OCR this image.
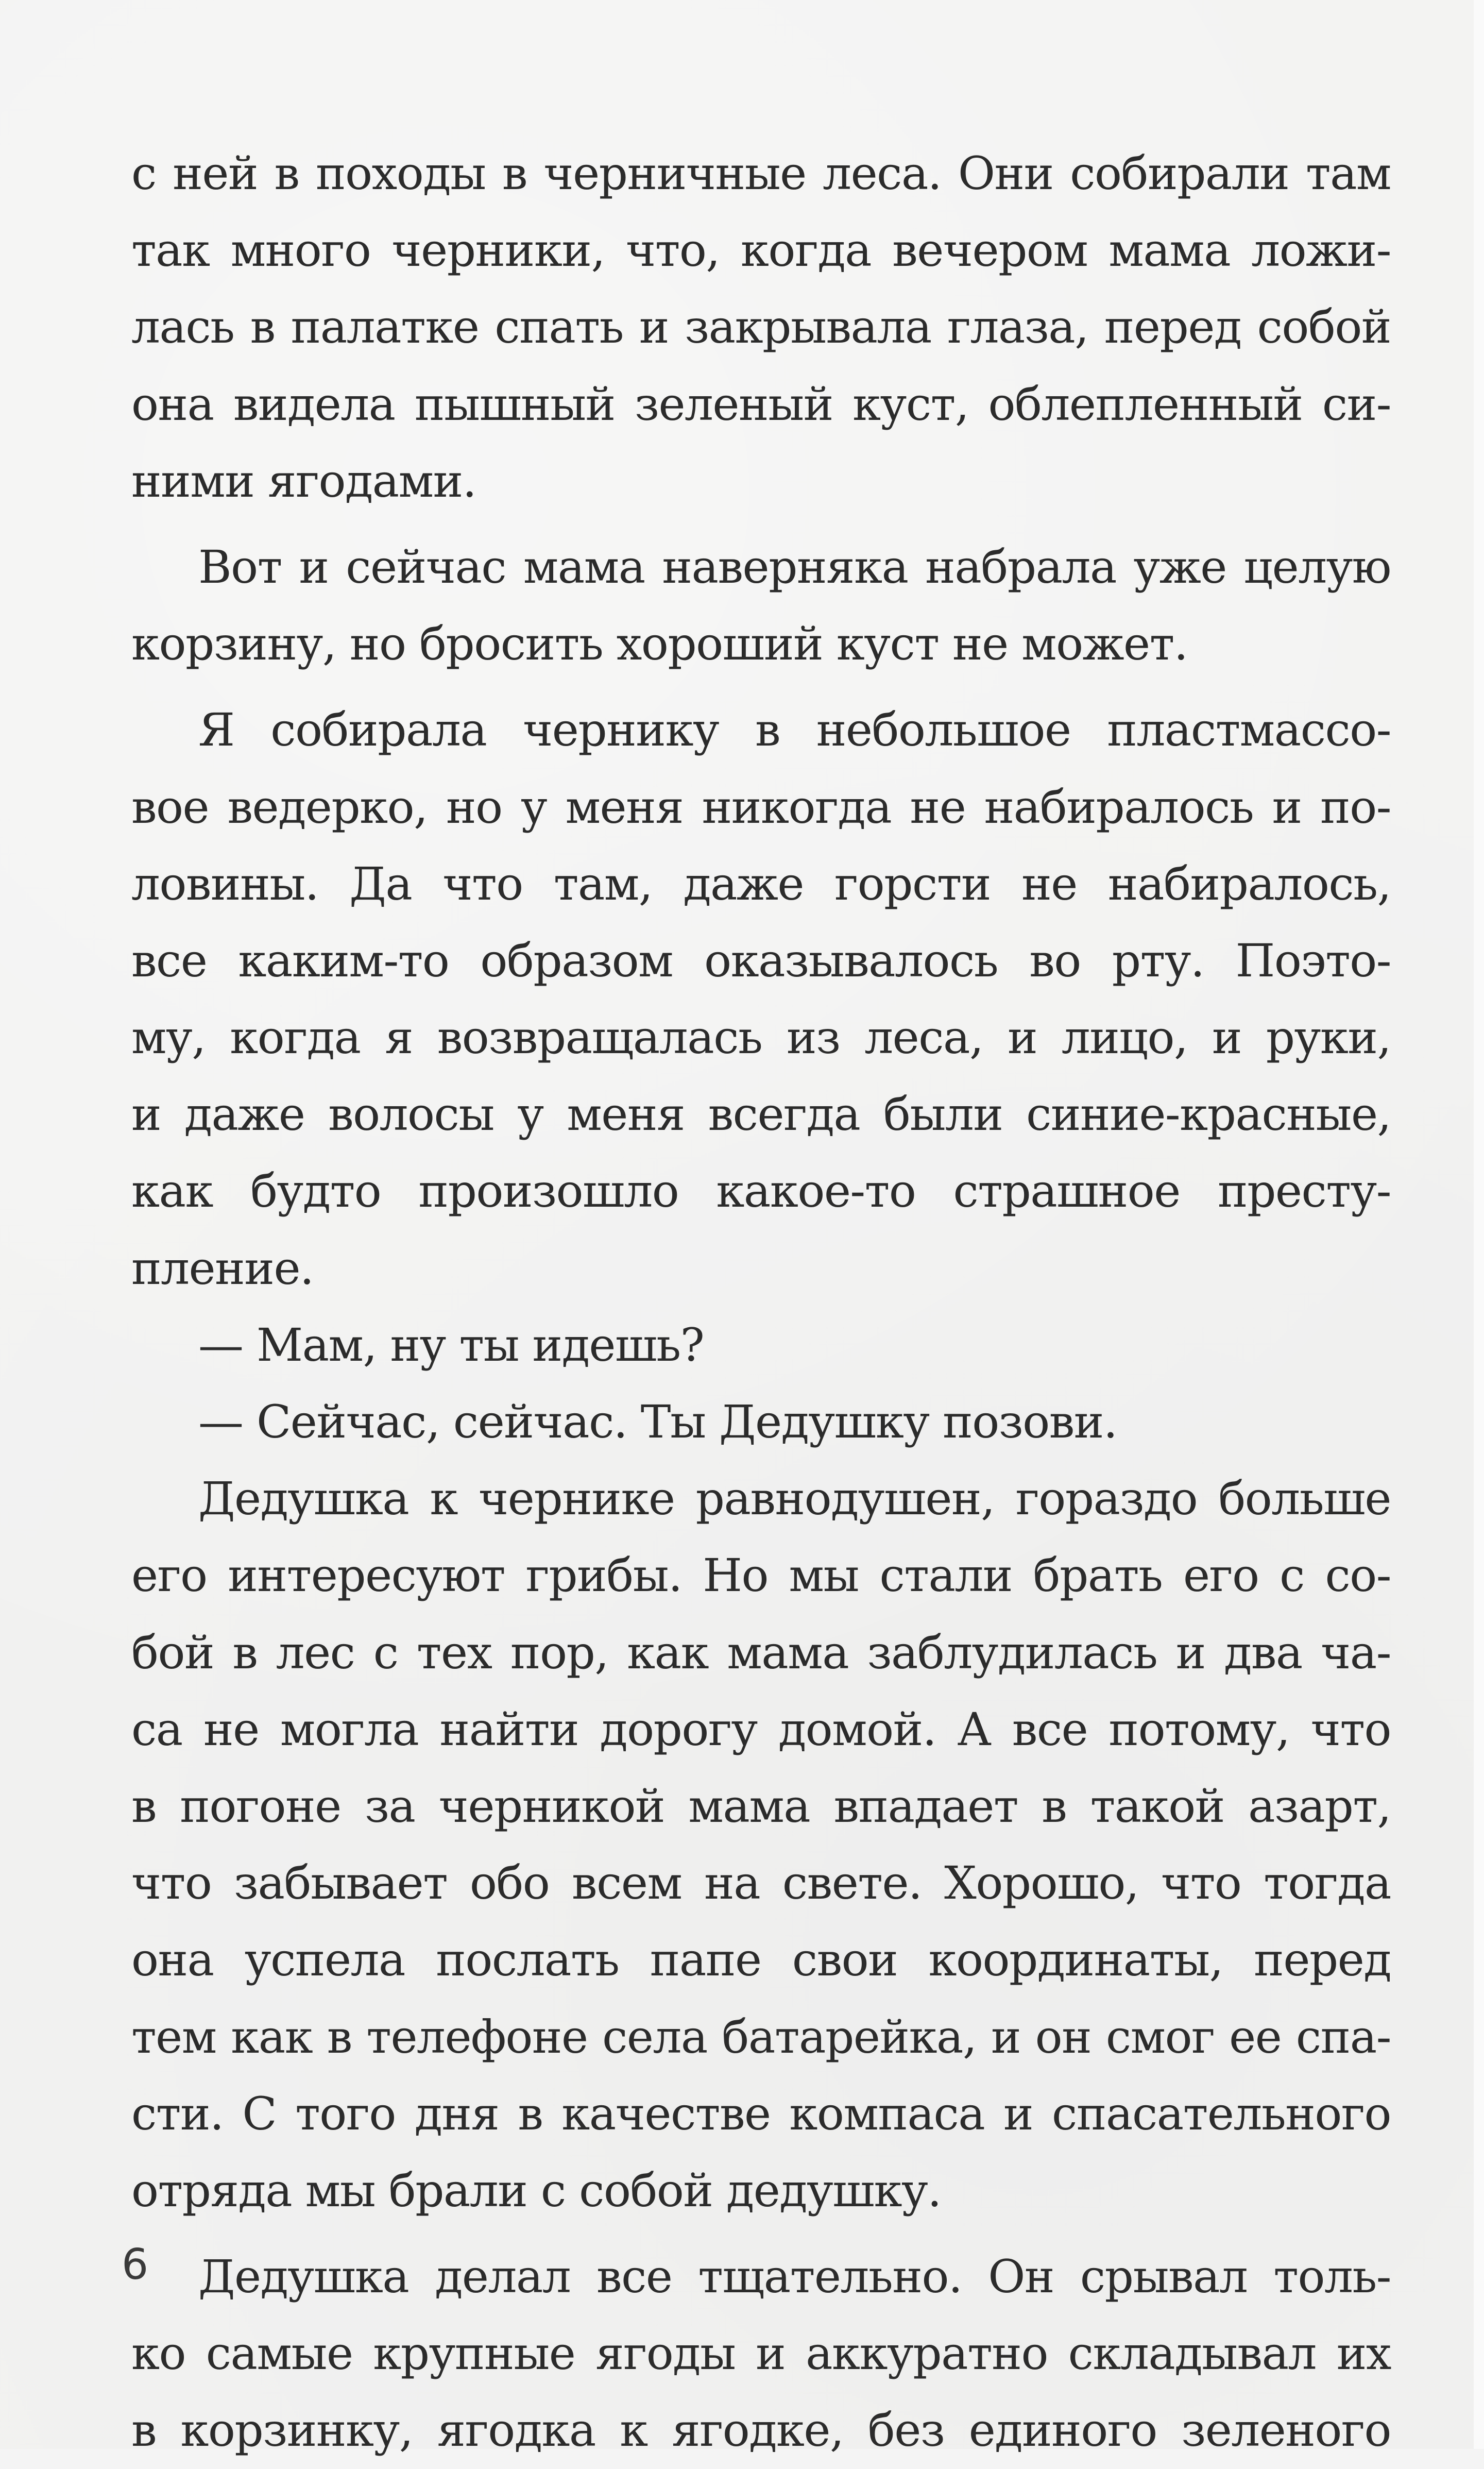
с ней в походы в черничные леса. Они собирали там
так много черники, что, когда вечером мама ложи-
лась в палатке спать и закрывала глаза, перед собой
она видела пышный зеленый куст, облепленный си-
ними ягодами.
Вот и сейчас мама наверняка набрала уже целую
корзину, но бросить хороший куст не может.
Я собирала чернику в небольшое пластмассо-
вое ведерко, но у меня никогда не набиралось и по-
ловины. Да что там, даже горсти не набиралось,
все каким-то образом оказывалось во рту. Поэто-
му, когда я возвращалась из леса, и лицо, и руки,
и даже волосы у меня всегда были синие-красные,
как будто произошло какое-то страшное престу-
пление.
— Мам, ну ты идешь?
— Сейчас, сейчас. Ты Дедушку позови.
Дедушка к чернике равнодушен, гораздо больше
его интересуют грибы. Но мы стали брать его с со-
бой в лес с тех пор, как мама заблудилась и два ча-
са не могла найти дорогу домой. А все потому, что
в погоне за черникой мама впадает в такой азарт,
что забывает обо всем на свете. Хорошо, что тогда
она успела послать папе свои координаты, перед
тем как в телефоне села батарейка, и он смог ее спа-
сти. С того дня в качестве компаса и спасательного
отряда мы брали с собой дедушку.
Дедушка делал все тщательно. Он срывал толь-
ко самые крупные ягоды и аккуратно складывал их
в корзинку, ягодка к ягодке, без единого зеленого
6
